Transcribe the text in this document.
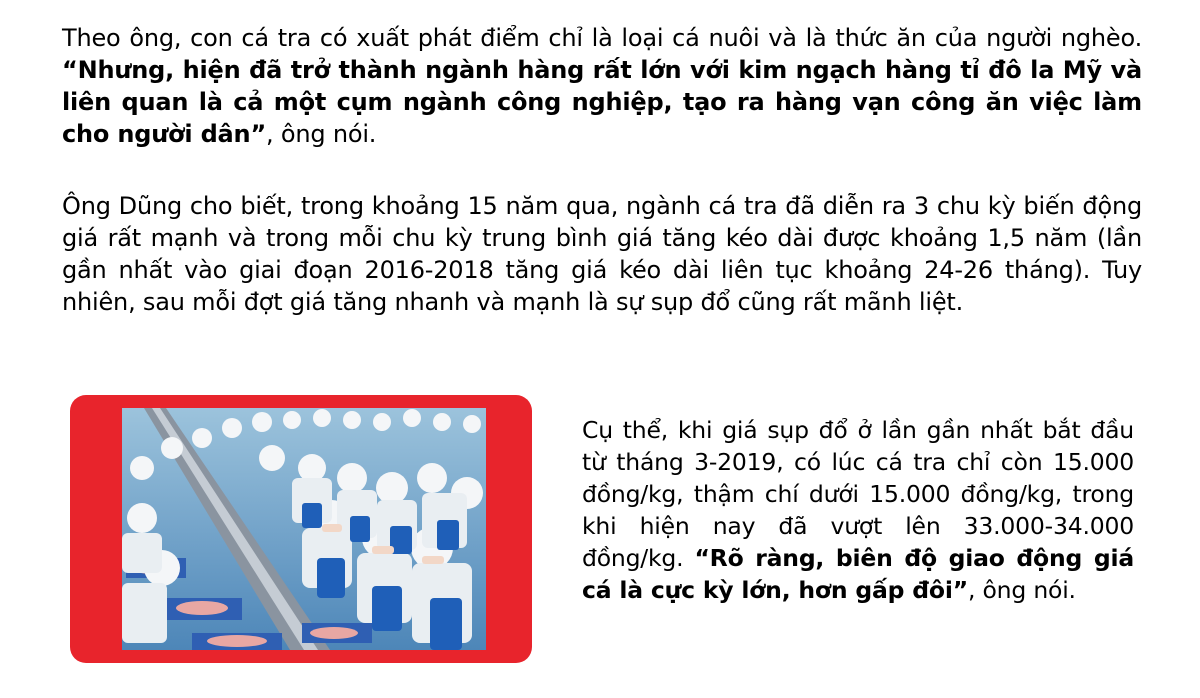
Theo ông, con cá tra có xuất phát điểm chỉ là loại cá nuôi và là thức ăn của người nghèo. “Nhưng, hiện đã trở thành ngành hàng rất lớn với kim ngạch hàng tỉ đô la Mỹ và liên quan là cả một cụm ngành công nghiệp, tạo ra hàng vạn công ăn việc làm cho người dân”, ông nói.

Ông Dũng cho biết, trong khoảng 15 năm qua, ngành cá tra đã diễn ra 3 chu kỳ biến động giá rất mạnh và trong mỗi chu kỳ trung bình giá tăng kéo dài được khoảng 1,5 năm (lần gần nhất vào giai đoạn 2016-2018 tăng giá kéo dài liên tục khoảng 24-26 tháng). Tuy nhiên, sau mỗi đợt giá tăng nhanh và mạnh là sự sụp đổ cũng rất mãnh liệt.

Cụ thể, khi giá sụp đổ ở lần gần nhất bắt đầu từ tháng 3-2019, có lúc cá tra chỉ còn 15.000 đồng/kg, thậm chí dưới 15.000 đồng/kg, trong khi hiện nay đã vượt lên 33.000-34.000 đồng/kg. “Rõ ràng, biên độ giao động giá cá là cực kỳ lớn, hơn gấp đôi”, ông nói.
